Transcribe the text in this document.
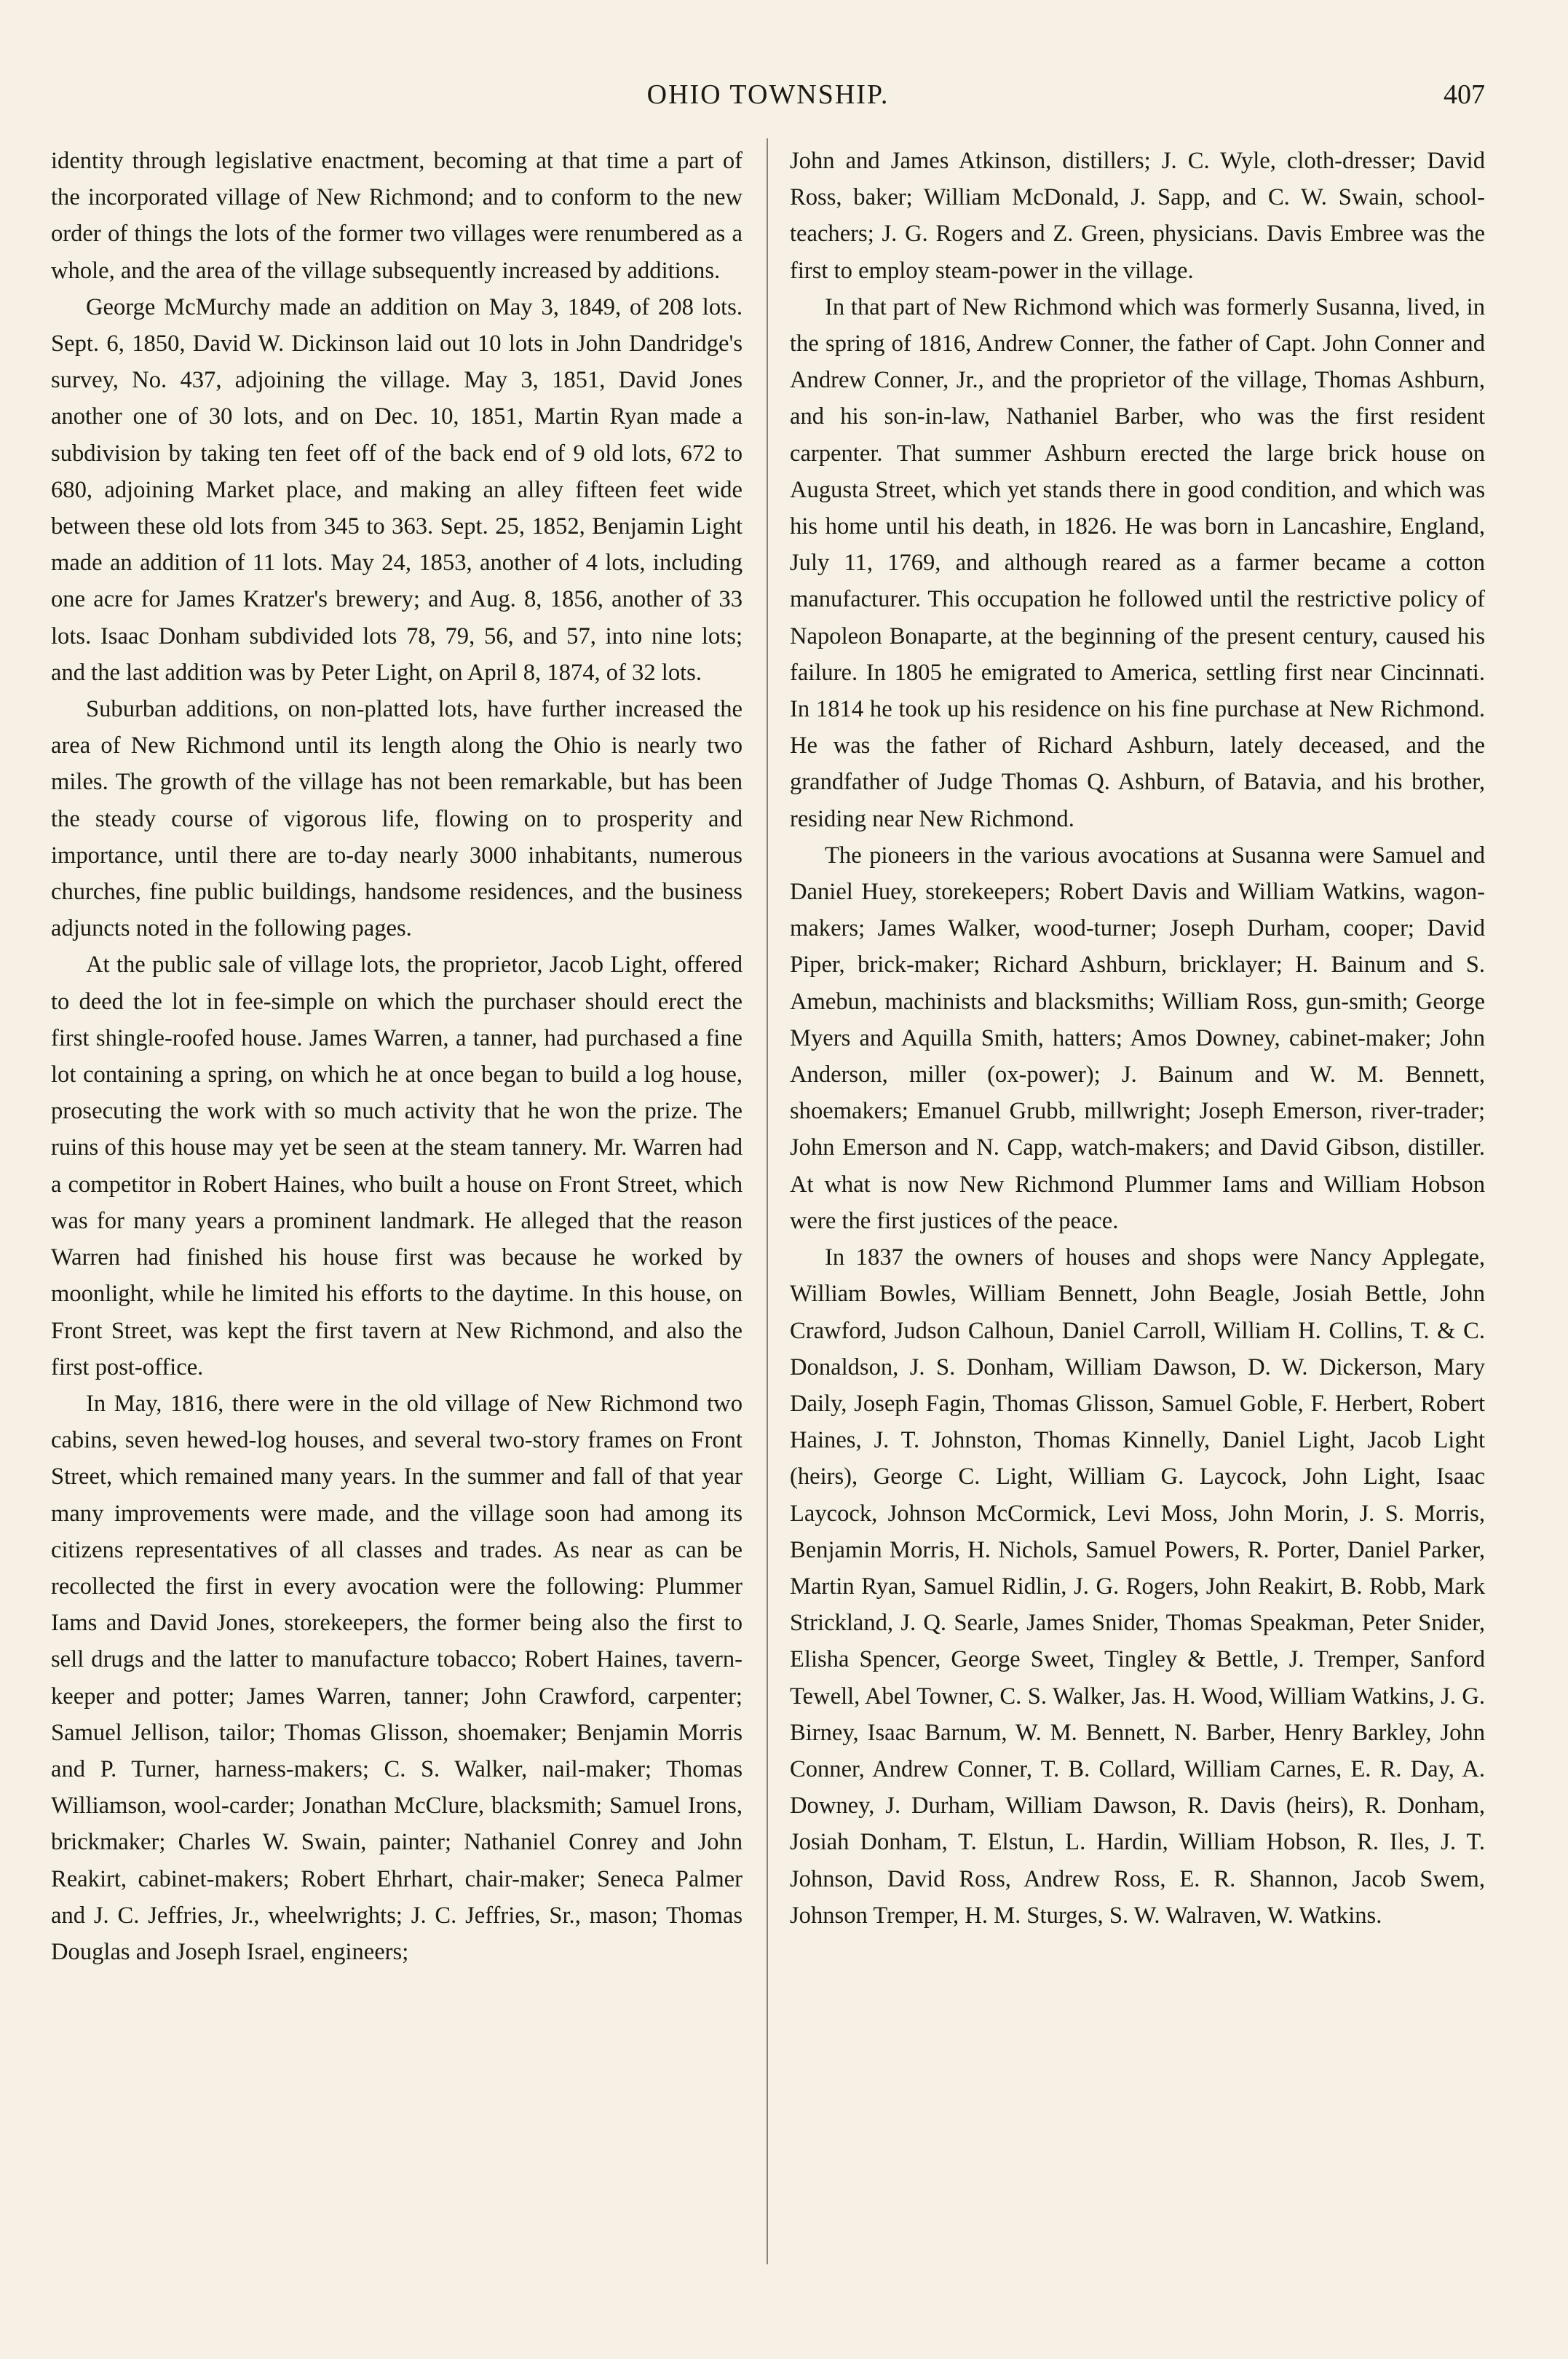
OHIO TOWNSHIP.	407

identity through legislative enactment, becoming at that time a part of the incorporated village of New Richmond; and to conform to the new order of things the lots of the former two villages were renumbered as a whole, and the area of the village subsequently increased by additions.

George McMurchy made an addition on May 3, 1849, of 208 lots. Sept. 6, 1850, David W. Dickinson laid out 10 lots in John Dandridge's survey, No. 437, adjoining the village. May 3, 1851, David Jones another one of 30 lots, and on Dec. 10, 1851, Martin Ryan made a subdivision by taking ten feet off of the back end of 9 old lots, 672 to 680, adjoining Market place, and making an alley fifteen feet wide between these old lots from 345 to 363. Sept. 25, 1852, Benjamin Light made an addition of 11 lots. May 24, 1853, another of 4 lots, including one acre for James Kratzer's brewery; and Aug. 8, 1856, another of 33 lots. Isaac Donham subdivided lots 78, 79, 56, and 57, into nine lots; and the last addition was by Peter Light, on April 8, 1874, of 32 lots.

Suburban additions, on non-platted lots, have further increased the area of New Richmond until its length along the Ohio is nearly two miles. The growth of the village has not been remarkable, but has been the steady course of vigorous life, flowing on to prosperity and importance, until there are to-day nearly 3000 inhabitants, numerous churches, fine public buildings, handsome residences, and the business adjuncts noted in the following pages.

At the public sale of village lots, the proprietor, Jacob Light, offered to deed the lot in fee-simple on which the purchaser should erect the first shingle-roofed house. James Warren, a tanner, had purchased a fine lot containing a spring, on which he at once began to build a log house, prosecuting the work with so much activity that he won the prize. The ruins of this house may yet be seen at the steam tannery. Mr. Warren had a competitor in Robert Haines, who built a house on Front Street, which was for many years a prominent landmark. He alleged that the reason Warren had finished his house first was because he worked by moonlight, while he limited his efforts to the daytime. In this house, on Front Street, was kept the first tavern at New Richmond, and also the first post-office.

In May, 1816, there were in the old village of New Richmond two cabins, seven hewed-log houses, and several two-story frames on Front Street, which remained many years. In the summer and fall of that year many improvements were made, and the village soon had among its citizens representatives of all classes and trades. As near as can be recollected the first in every avocation were the following: Plummer Iams and David Jones, storekeepers, the former being also the first to sell drugs and the latter to manufacture tobacco; Robert Haines, tavern-keeper and potter; James Warren, tanner; John Crawford, carpenter; Samuel Jellison, tailor; Thomas Glisson, shoemaker; Benjamin Morris and P. Turner, harness-makers; C. S. Walker, nail-maker; Thomas Williamson, wool-carder; Jonathan McClure, blacksmith; Samuel Irons, brickmaker; Charles W. Swain, painter; Nathaniel Conrey and John Reakirt, cabinet-makers; Robert Ehrhart, chair-maker; Seneca Palmer and J. C. Jeffries, Jr., wheelwrights; J. C. Jeffries, Sr., mason; Thomas Douglas and Joseph Israel, engineers;

John and James Atkinson, distillers; J. C. Wyle, cloth-dresser; David Ross, baker; William McDonald, J. Sapp, and C. W. Swain, school-teachers; J. G. Rogers and Z. Green, physicians. Davis Embree was the first to employ steam-power in the village.

In that part of New Richmond which was formerly Susanna, lived, in the spring of 1816, Andrew Conner, the father of Capt. John Conner and Andrew Conner, Jr., and the proprietor of the village, Thomas Ashburn, and his son-in-law, Nathaniel Barber, who was the first resident carpenter. That summer Ashburn erected the large brick house on Augusta Street, which yet stands there in good condition, and which was his home until his death, in 1826. He was born in Lancashire, England, July 11, 1769, and although reared as a farmer became a cotton manufacturer. This occupation he followed until the restrictive policy of Napoleon Bonaparte, at the beginning of the present century, caused his failure. In 1805 he emigrated to America, settling first near Cincinnati. In 1814 he took up his residence on his fine purchase at New Richmond. He was the father of Richard Ashburn, lately deceased, and the grandfather of Judge Thomas Q. Ashburn, of Batavia, and his brother, residing near New Richmond.

The pioneers in the various avocations at Susanna were Samuel and Daniel Huey, storekeepers; Robert Davis and William Watkins, wagon-makers; James Walker, wood-turner; Joseph Durham, cooper; David Piper, brick-maker; Richard Ashburn, bricklayer; H. Bainum and S. Amebun, machinists and blacksmiths; William Ross, gun-smith; George Myers and Aquilla Smith, hatters; Amos Downey, cabinet-maker; John Anderson, miller (ox-power); J. Bainum and W. M. Bennett, shoemakers; Emanuel Grubb, millwright; Joseph Emerson, river-trader; John Emerson and N. Capp, watch-makers; and David Gibson, distiller. At what is now New Richmond Plummer Iams and William Hobson were the first justices of the peace.

In 1837 the owners of houses and shops were Nancy Applegate, William Bowles, William Bennett, John Beagle, Josiah Bettle, John Crawford, Judson Calhoun, Daniel Carroll, William H. Collins, T. & C. Donaldson, J. S. Donham, William Dawson, D. W. Dickerson, Mary Daily, Joseph Fagin, Thomas Glisson, Samuel Goble, F. Herbert, Robert Haines, J. T. Johnston, Thomas Kinnelly, Daniel Light, Jacob Light (heirs), George C. Light, William G. Laycock, John Light, Isaac Laycock, Johnson McCormick, Levi Moss, John Morin, J. S. Morris, Benjamin Morris, H. Nichols, Samuel Powers, R. Porter, Daniel Parker, Martin Ryan, Samuel Ridlin, J. G. Rogers, John Reakirt, B. Robb, Mark Strickland, J. Q. Searle, James Snider, Thomas Speakman, Peter Snider, Elisha Spencer, George Sweet, Tingley & Bettle, J. Tremper, Sanford Tewell, Abel Towner, C. S. Walker, Jas. H. Wood, William Watkins, J. G. Birney, Isaac Barnum, W. M. Bennett, N. Barber, Henry Barkley, John Conner, Andrew Conner, T. B. Collard, William Carnes, E. R. Day, A. Downey, J. Durham, William Dawson, R. Davis (heirs), R. Donham, Josiah Donham, T. Elstun, L. Hardin, William Hobson, R. Iles, J. T. Johnson, David Ross, Andrew Ross, E. R. Shannon, Jacob Swem, Johnson Tremper, H. M. Sturges, S. W. Walraven, W. Watkins.
